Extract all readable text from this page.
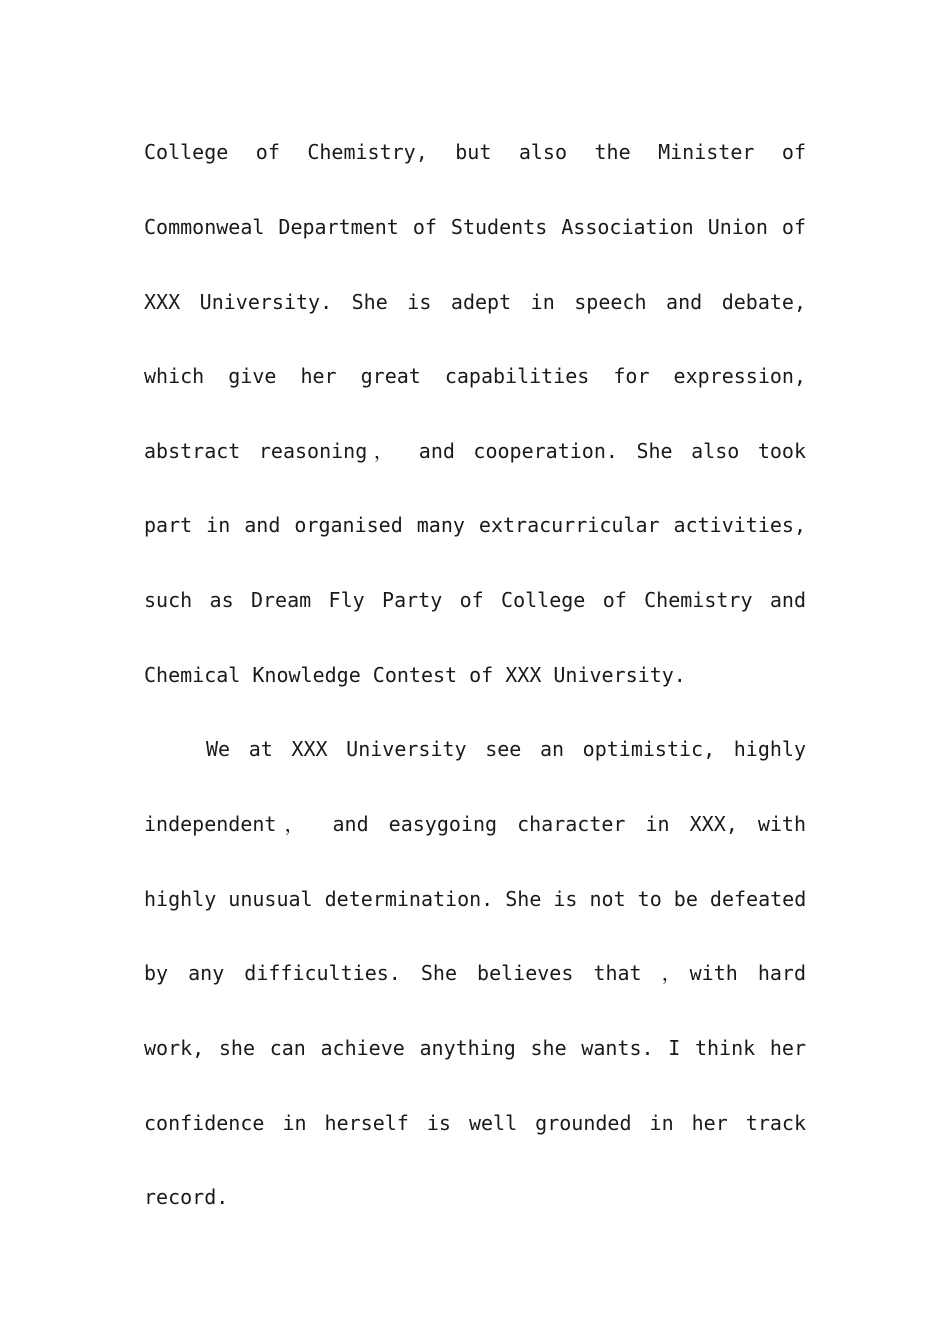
College of Chemistry, but also the Minister of
Commonweal Department of Students Association Union of
XXX University. She is adept in speech and debate,
which give her great capabilities for expression,
abstract reasoning， and cooperation. She also took
part in and organised many extracurricular activities,
such as Dream Fly Party of College of Chemistry and
Chemical Knowledge Contest of XXX University.
We at XXX University see an optimistic, highly
independent， and easygoing character in XXX, with
highly unusual determination. She is not to be defeated
by any difficulties. She believes that ，with hard
work, she can achieve anything she wants. I think her
confidence in herself is well grounded in her track
record.
